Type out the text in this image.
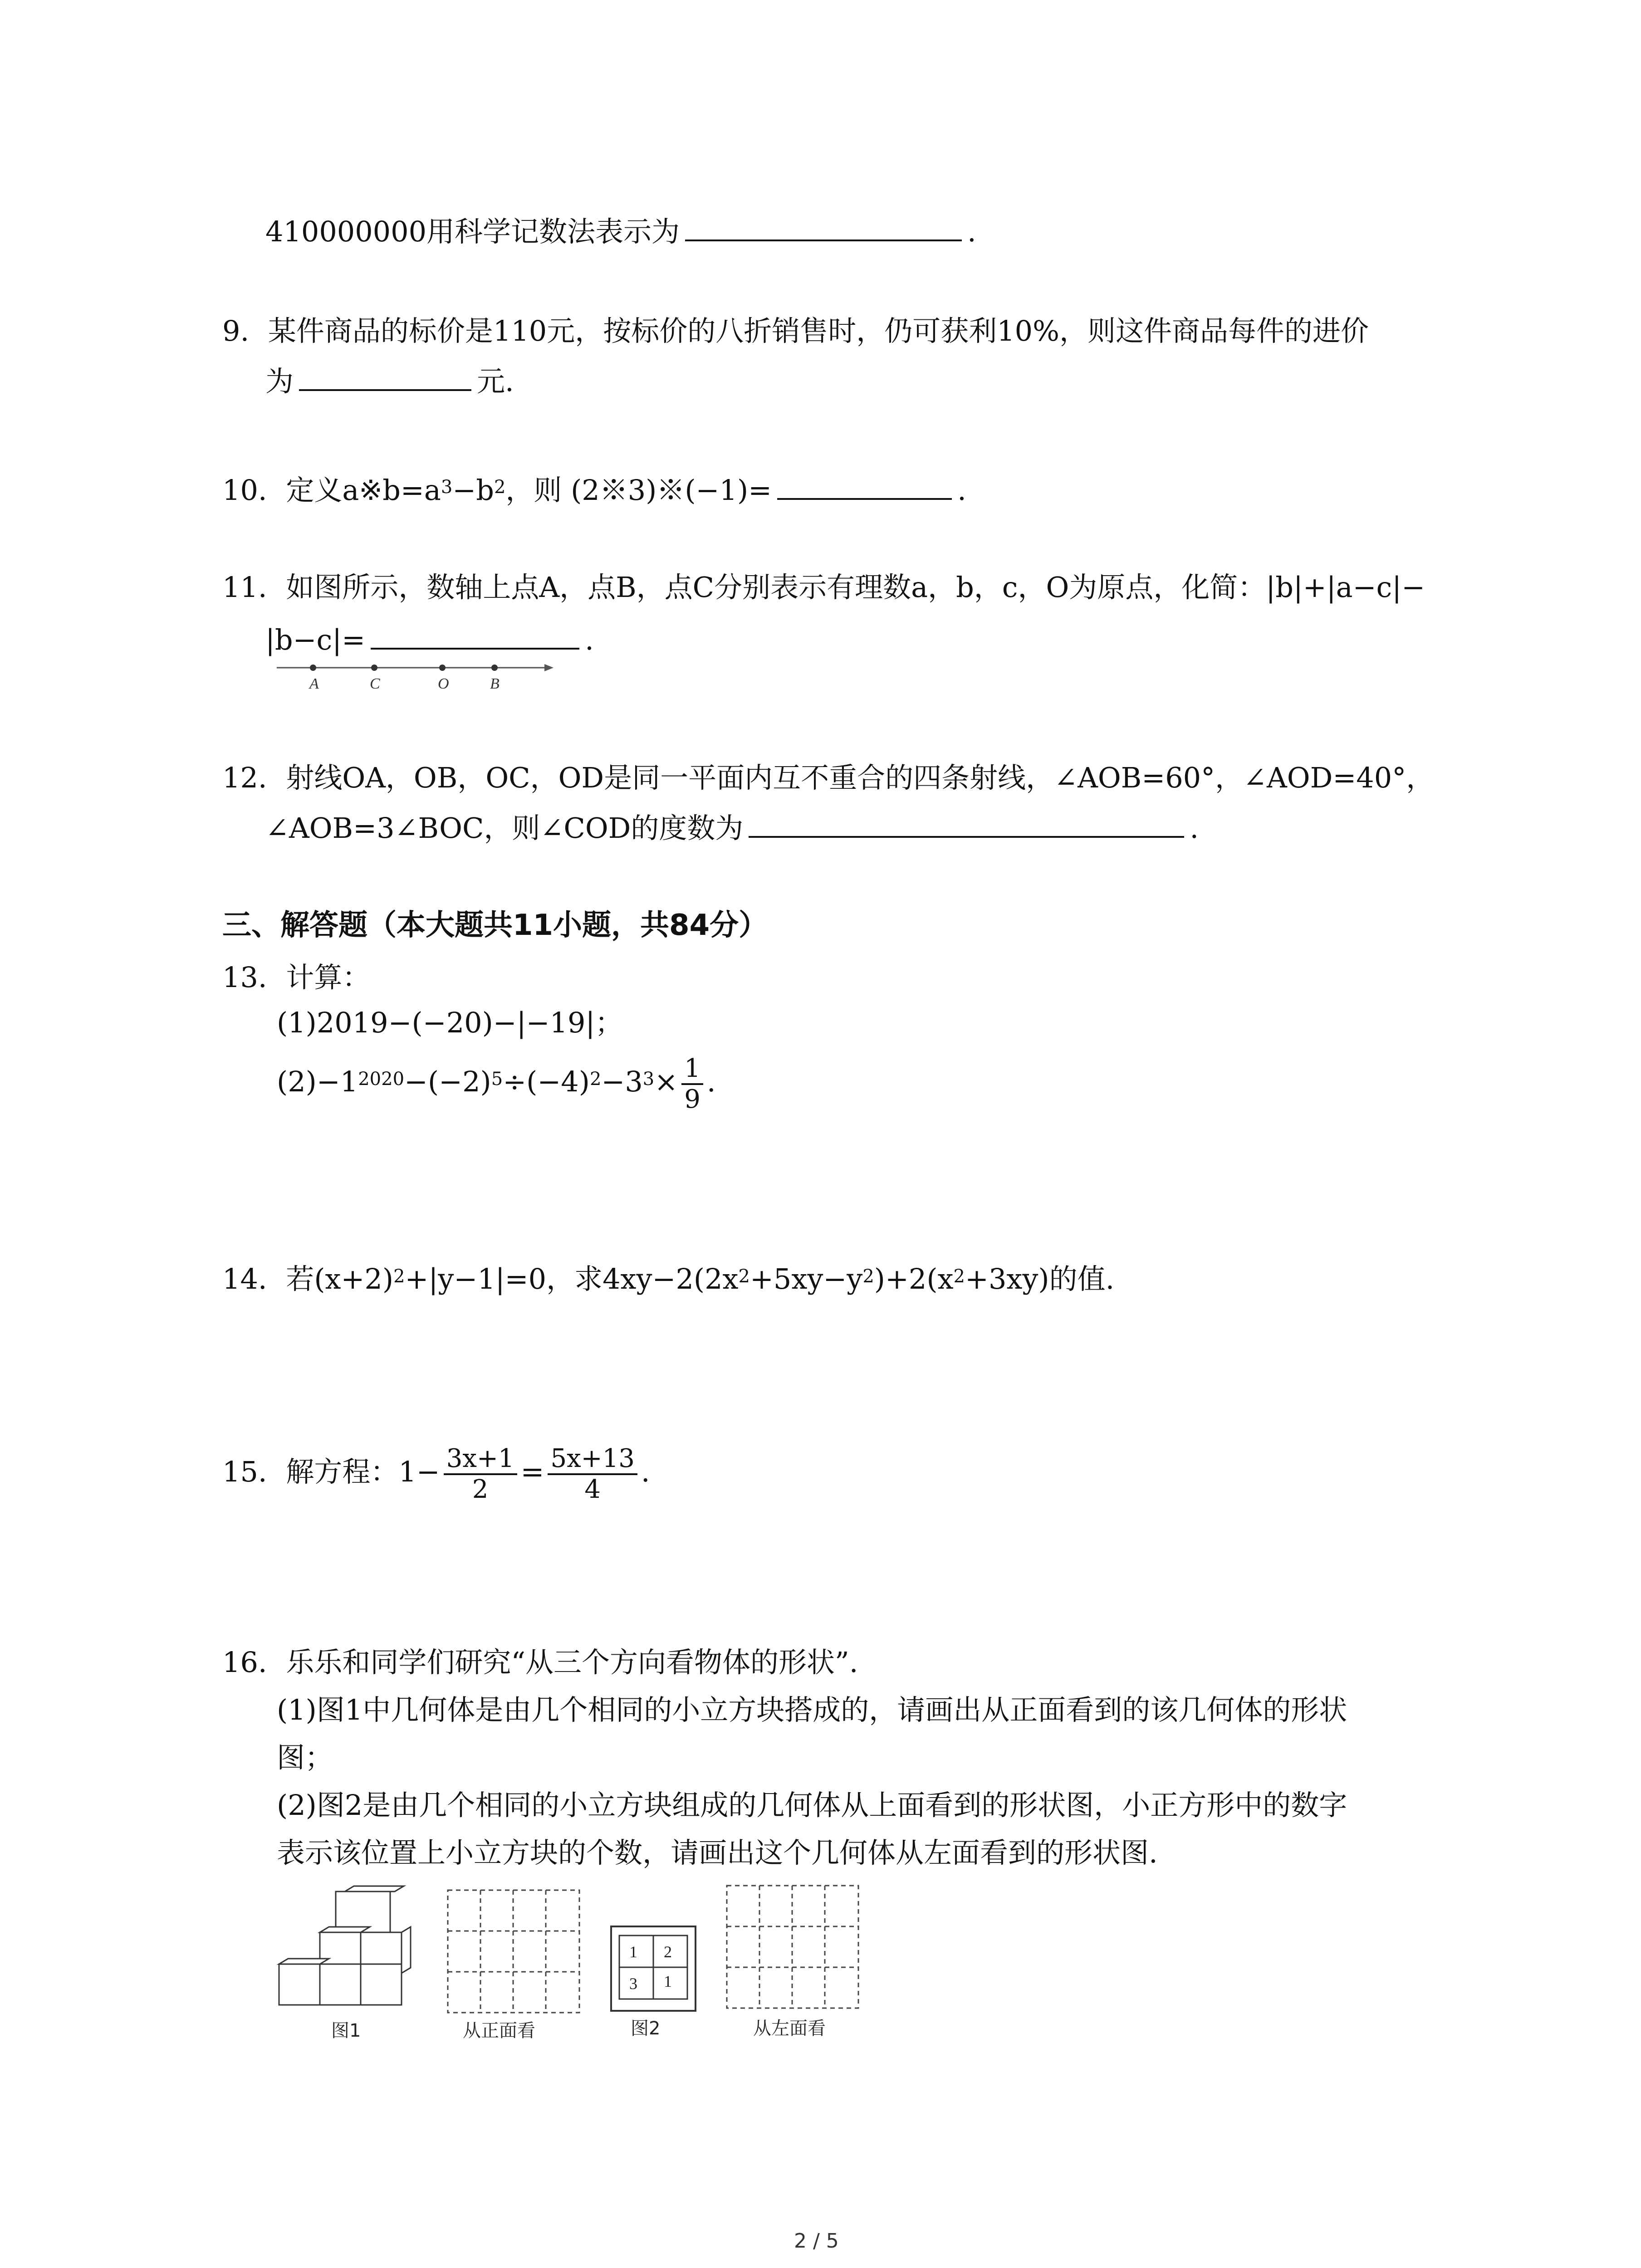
410000000用科学记数法表示为	.
9. 某件商品的标价是110元，按标价的八折销售时，仍可获利10%，则这件商品每件的进价
为	元.
10. 定义$a※b=a^3-b^2$，则 (2※3)※(−1)=	.
11. 如图所示，数轴上点A，点B，点C分别表示有理数a，b，c，O为原点，化简：|b|+|a−c|−
|b−c|=	.
A	C	O	B
12. 射线OA，OB，OC，OD是同一平面内互不重合的四条射线，∠AOB=60°，∠AOD=40°，
∠AOB=3∠BOC，则∠COD的度数为	.
三、解答题（本大题共11小题，共84分）
13. 计算：
(1)2019−(−20)−|−19|；
$(2)-1^{2020}-(-2)^5\div(-4)^2-3^3\times \frac{1}{9}$ .
14. 若$(x+2)^2+|y-1|=0$，求$4xy-2(2x^2+5xy-y^2)+2(x^2+3xy)$的值.
15. 解方程：$1- \frac{3x+1}{2} = \frac{5x+13}{4}$ .
16. 乐乐和同学们研究“从三个方向看物体的形状”.
(1)图1中几何体是由几个相同的小立方块搭成的，请画出从正面看到的该几何体的形状
图；
(2)图2是由几个相同的小立方块组成的几何体从上面看到的形状图，小正方形中的数字
表示该位置上小立方块的个数，请画出这个几何体从左面看到的形状图.
图1	从正面看
1 2
3 1
图2	从左面看
2 / 5
